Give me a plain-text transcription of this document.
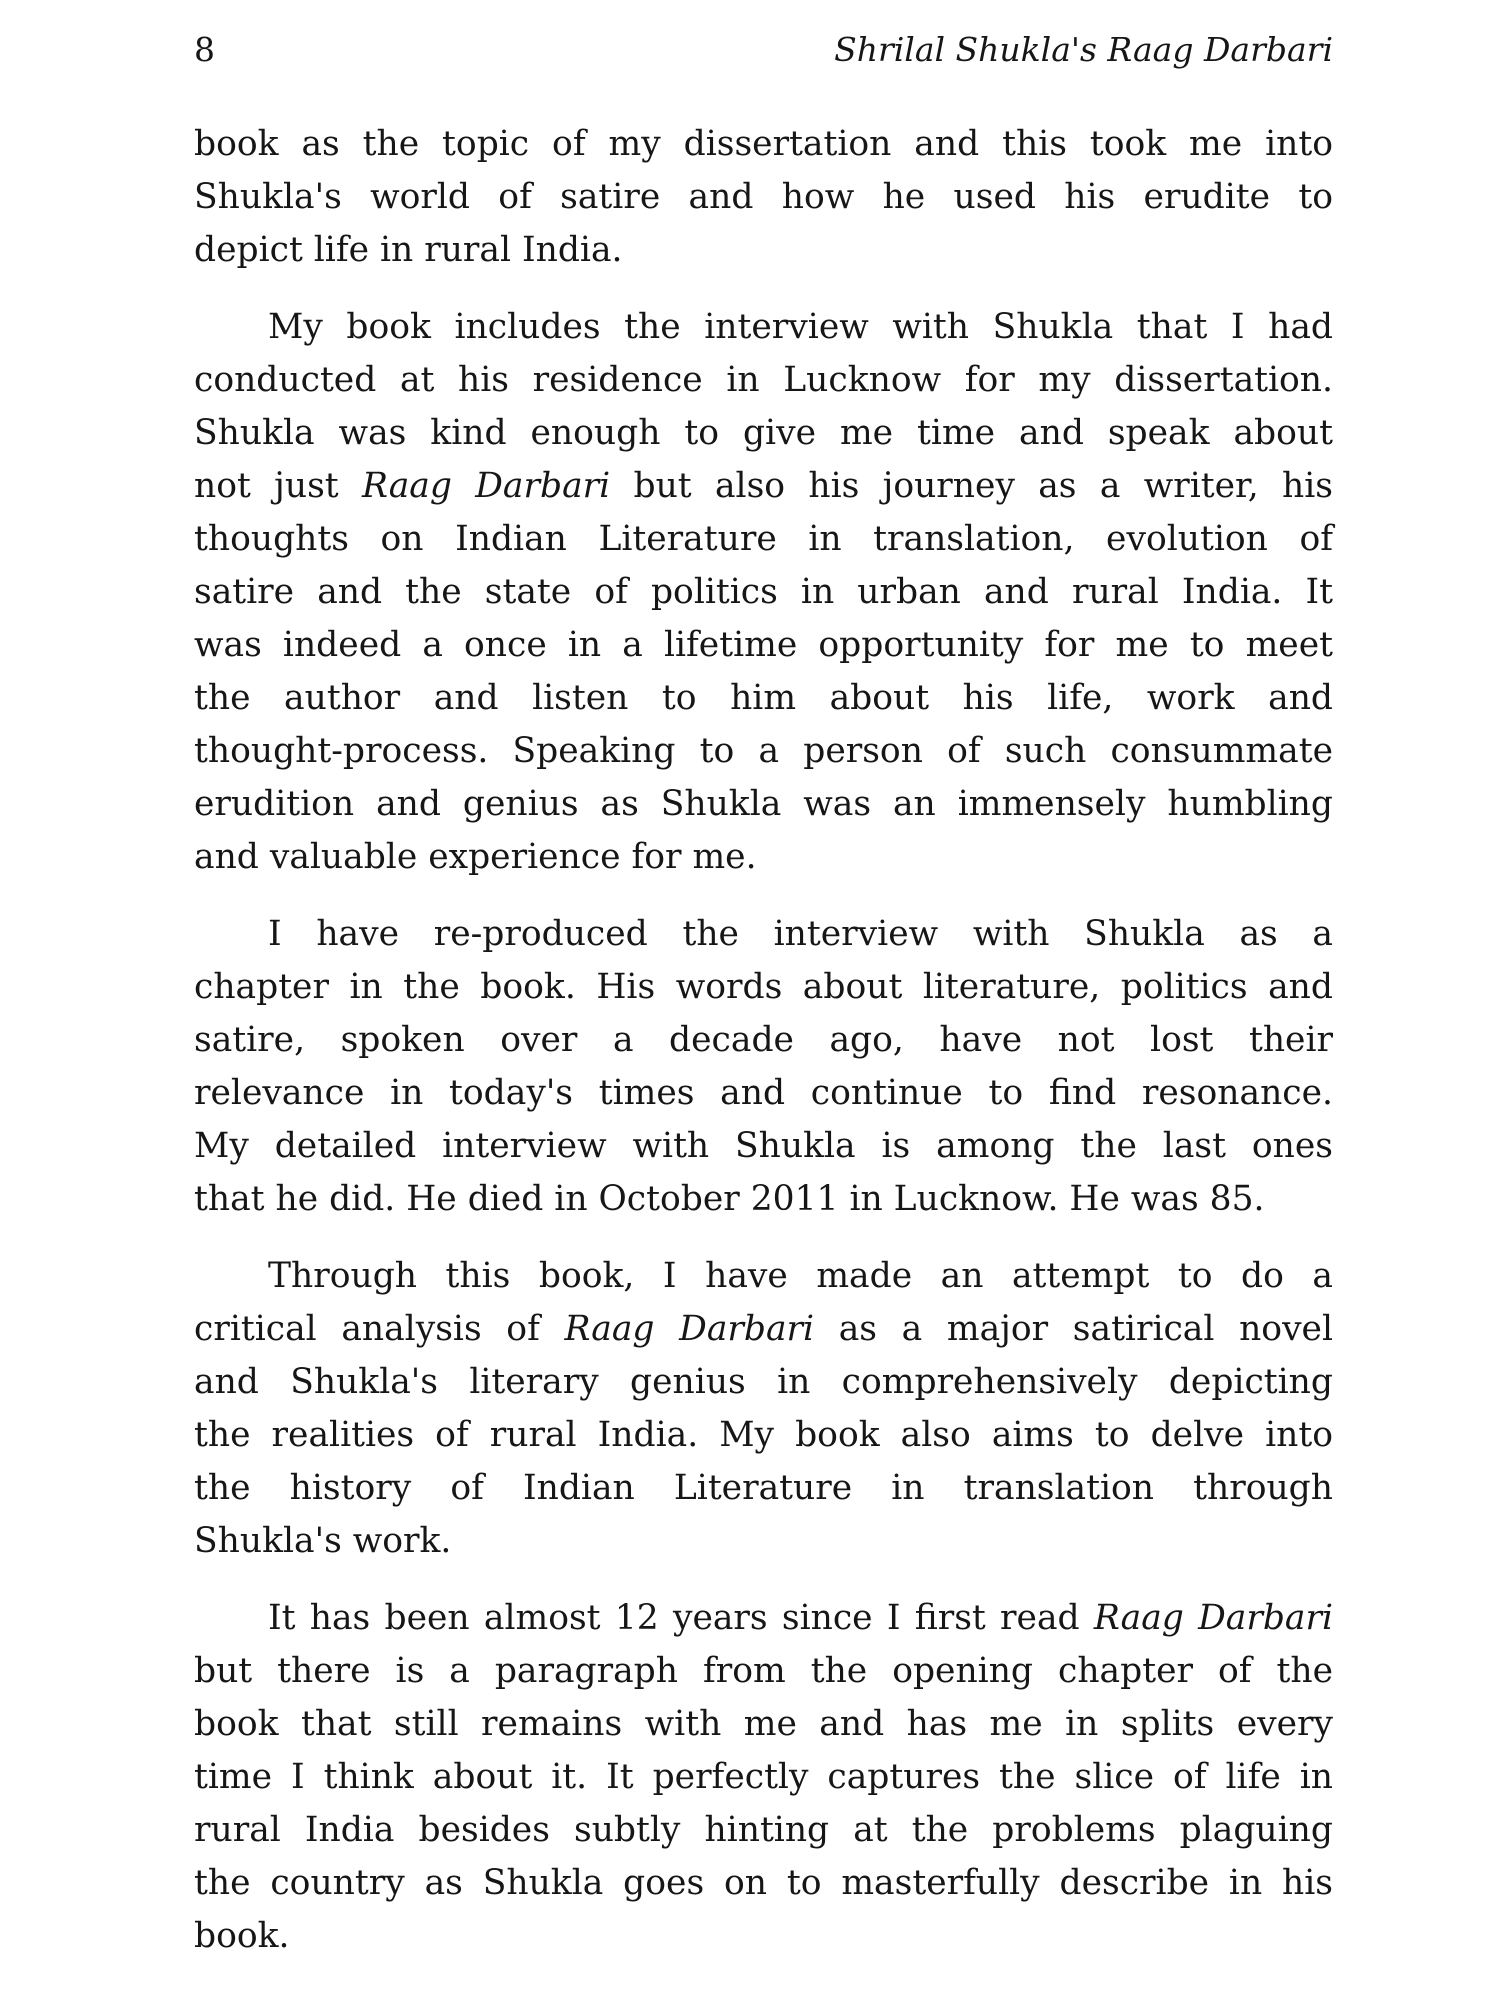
8	Shrilal Shukla's Raag Darbari
book as the topic of my dissertation and this took me into
Shukla's world of satire and how he used his erudite to
depict life in rural India.
My book includes the interview with Shukla that I had
conducted at his residence in Lucknow for my dissertation.
Shukla was kind enough to give me time and speak about
not just Raag Darbari but also his journey as a writer, his
thoughts on Indian Literature in translation, evolution of
satire and the state of politics in urban and rural India. It
was indeed a once in a lifetime opportunity for me to meet
the author and listen to him about his life, work and
thought-process. Speaking to a person of such consummate
erudition and genius as Shukla was an immensely humbling
and valuable experience for me.
I have re-produced the interview with Shukla as a
chapter in the book. His words about literature, politics and
satire, spoken over a decade ago, have not lost their
relevance in today's times and continue to find resonance.
My detailed interview with Shukla is among the last ones
that he did. He died in October 2011 in Lucknow. He was 85.
Through this book, I have made an attempt to do a
critical analysis of Raag Darbari as a major satirical novel
and Shukla's literary genius in comprehensively depicting
the realities of rural India. My book also aims to delve into
the history of Indian Literature in translation through
Shukla's work.
It has been almost 12 years since I first read Raag Darbari
but there is a paragraph from the opening chapter of the
book that still remains with me and has me in splits every
time I think about it. It perfectly captures the slice of life in
rural India besides subtly hinting at the problems plaguing
the country as Shukla goes on to masterfully describe in his
book.
